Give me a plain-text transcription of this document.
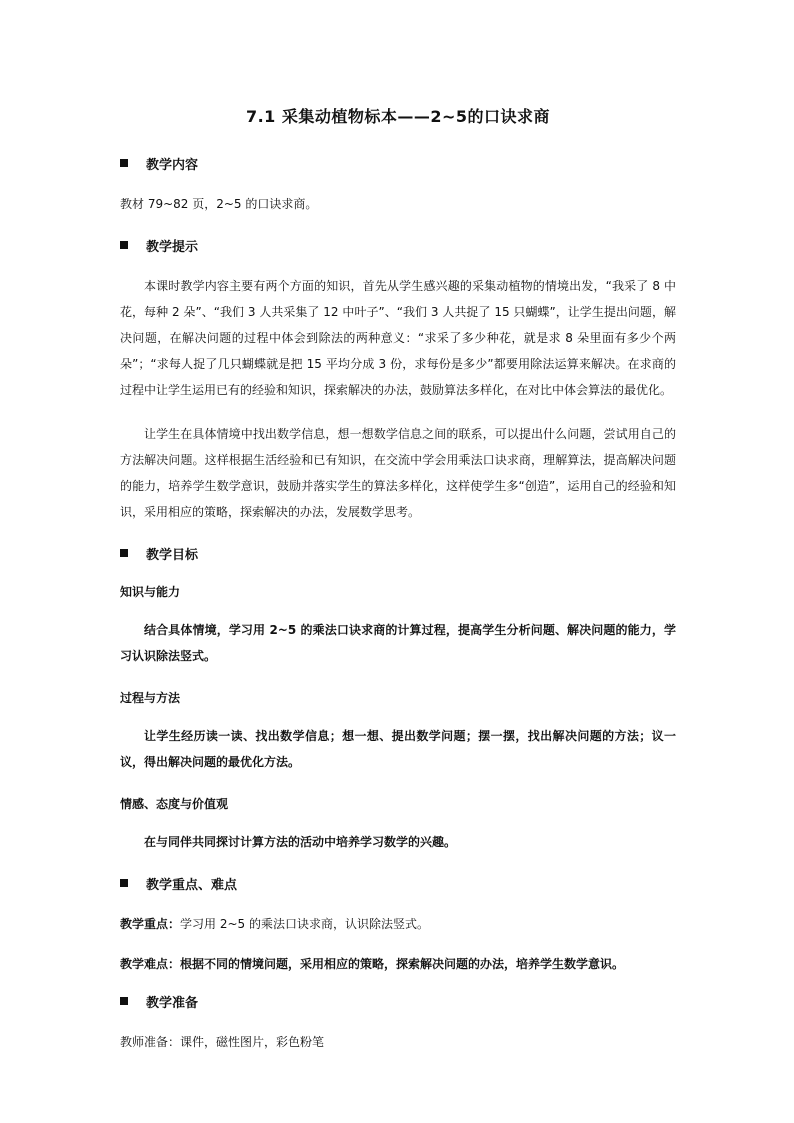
7.1 采集动植物标本——2~5的口诀求商
教学内容
教材 79~82 页，2~5 的口诀求商。
教学提示
本课时教学内容主要有两个方面的知识，首先从学生感兴趣的采集动植物的情境出发，“我采了 8 中花，每种 2 朵”、“我们 3 人共采集了 12 中叶子”、“我们 3 人共捉了 15 只蝴蝶”，让学生提出问题，解决问题，在解决问题的过程中体会到除法的两种意义：“求采了多少种花，就是求 8 朵里面有多少个两朵”；“求每人捉了几只蝴蝶就是把 15 平均分成 3 份，求每份是多少”都要用除法运算来解决。在求商的过程中让学生运用已有的经验和知识，探索解决的办法，鼓励算法多样化，在对比中体会算法的最优化。
让学生在具体情境中找出数学信息，想一想数学信息之间的联系，可以提出什么问题，尝试用自己的方法解决问题。这样根据生活经验和已有知识，在交流中学会用乘法口诀求商，理解算法，提高解决问题的能力，培养学生数学意识，鼓励并落实学生的算法多样化，这样使学生多“创造”，运用自己的经验和知识，采用相应的策略，探索解决的办法，发展数学思考。
教学目标
知识与能力
结合具体情境，学习用 2~5 的乘法口诀求商的计算过程，提高学生分析问题、解决问题的能力，学习认识除法竖式。
过程与方法
让学生经历读一读、找出数学信息；想一想、提出数学问题；摆一摆，找出解决问题的方法；议一议，得出解决问题的最优化方法。
情感、态度与价值观
在与同伴共同探讨计算方法的活动中培养学习数学的兴趣。
教学重点、难点
教学重点：学习用 2~5 的乘法口诀求商，认识除法竖式。
教学难点：根据不同的情境问题，采用相应的策略，探索解决问题的办法，培养学生数学意识。
教学准备
教师准备：课件，磁性图片，彩色粉笔
